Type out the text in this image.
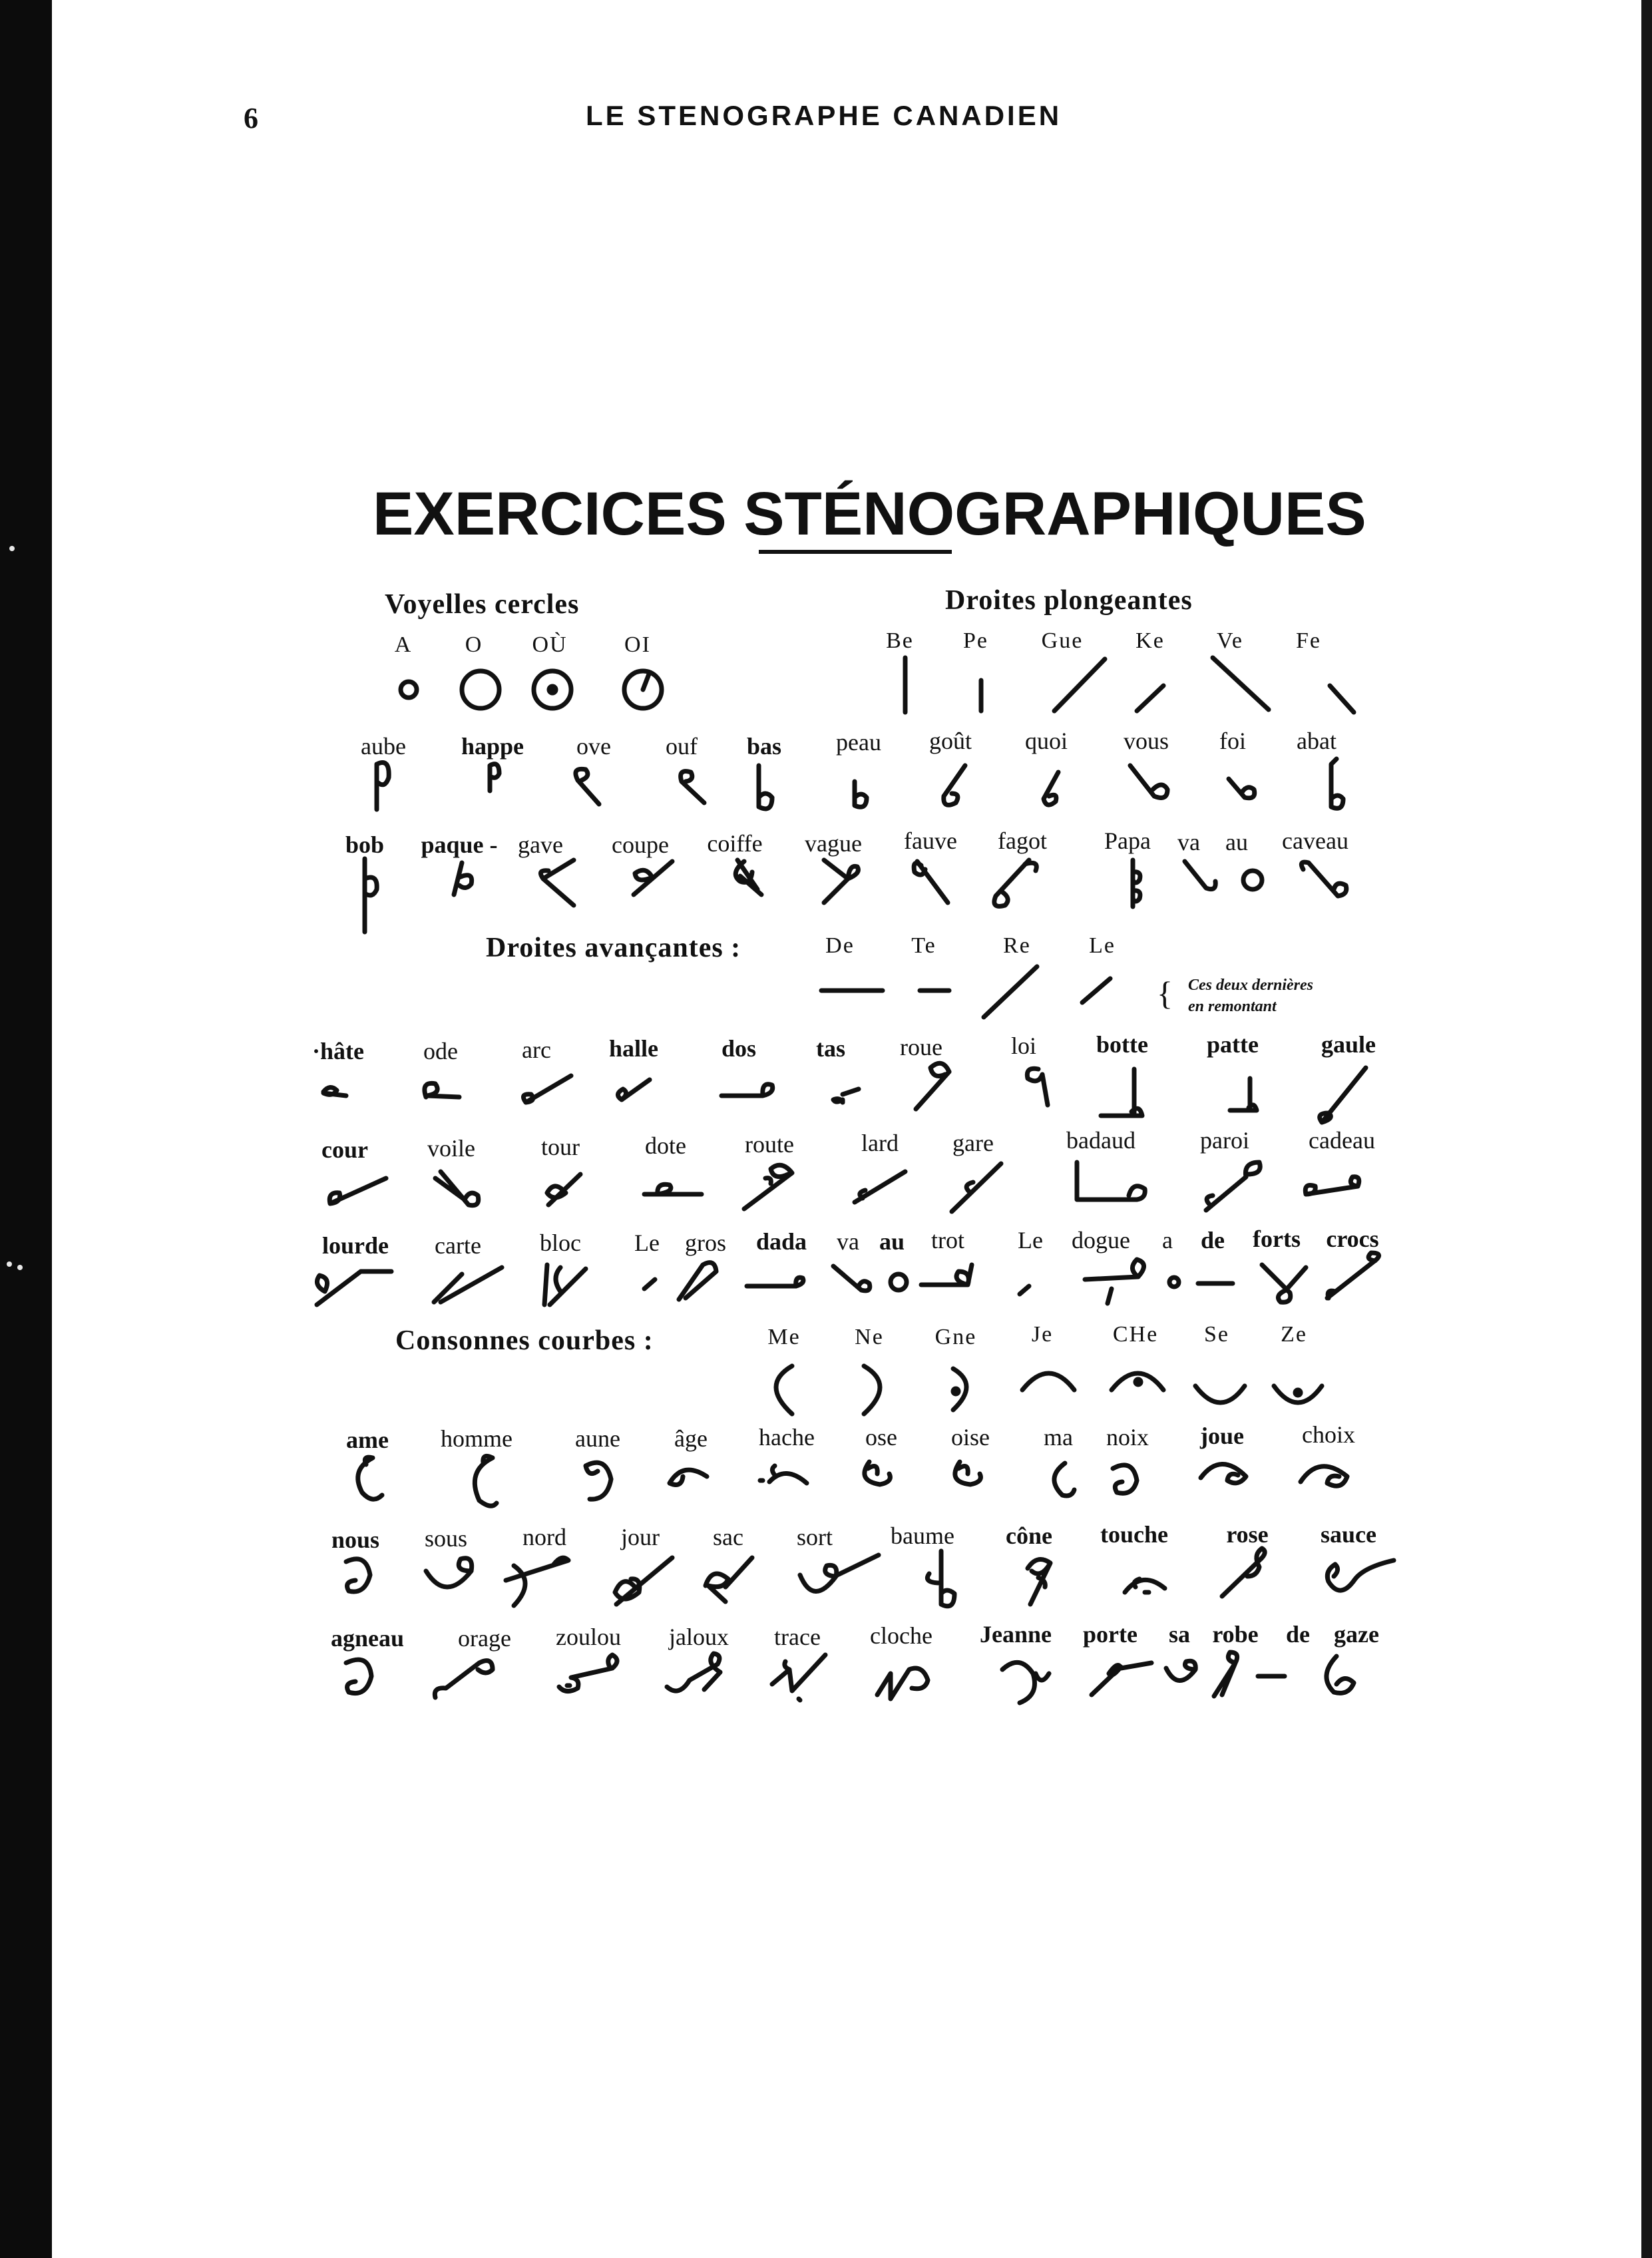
6	LE STENOGRAPHE CANADIEN
EXERCICES STÉNOGRAPHIQUES
Voyelles cercles	Droites plongeantes
Droites avançantes :
Consonnes courbes :
A O OÙ	OI	Be Pe Gue Ke Ve Fe
aube happe ove ouf bas peau goût quoi vous foi abat
bob paque - gave coupe coiffe vague fauve fagot Papa va au caveau
De	Te	Re	Le
{ Ces deux dernières
en remontant
·hâte ode	arc halle	dos tas roue	loi	botte patte	gaule
cour voile	tour	dote route	lard gare	badaud	paroi cadeau
lourde carte bloc Le gros dada va au trot Le dogue a de forts crocs
Me Ne Gne Je	CHe Se Ze
ame homme	aune âge hache ose oise ma noix joue choix
nous sous nord jour sac sort baume cône touche rose sauce
agneau orage zoulou jaloux trace cloche Jeanne porte sa robe de gaze
